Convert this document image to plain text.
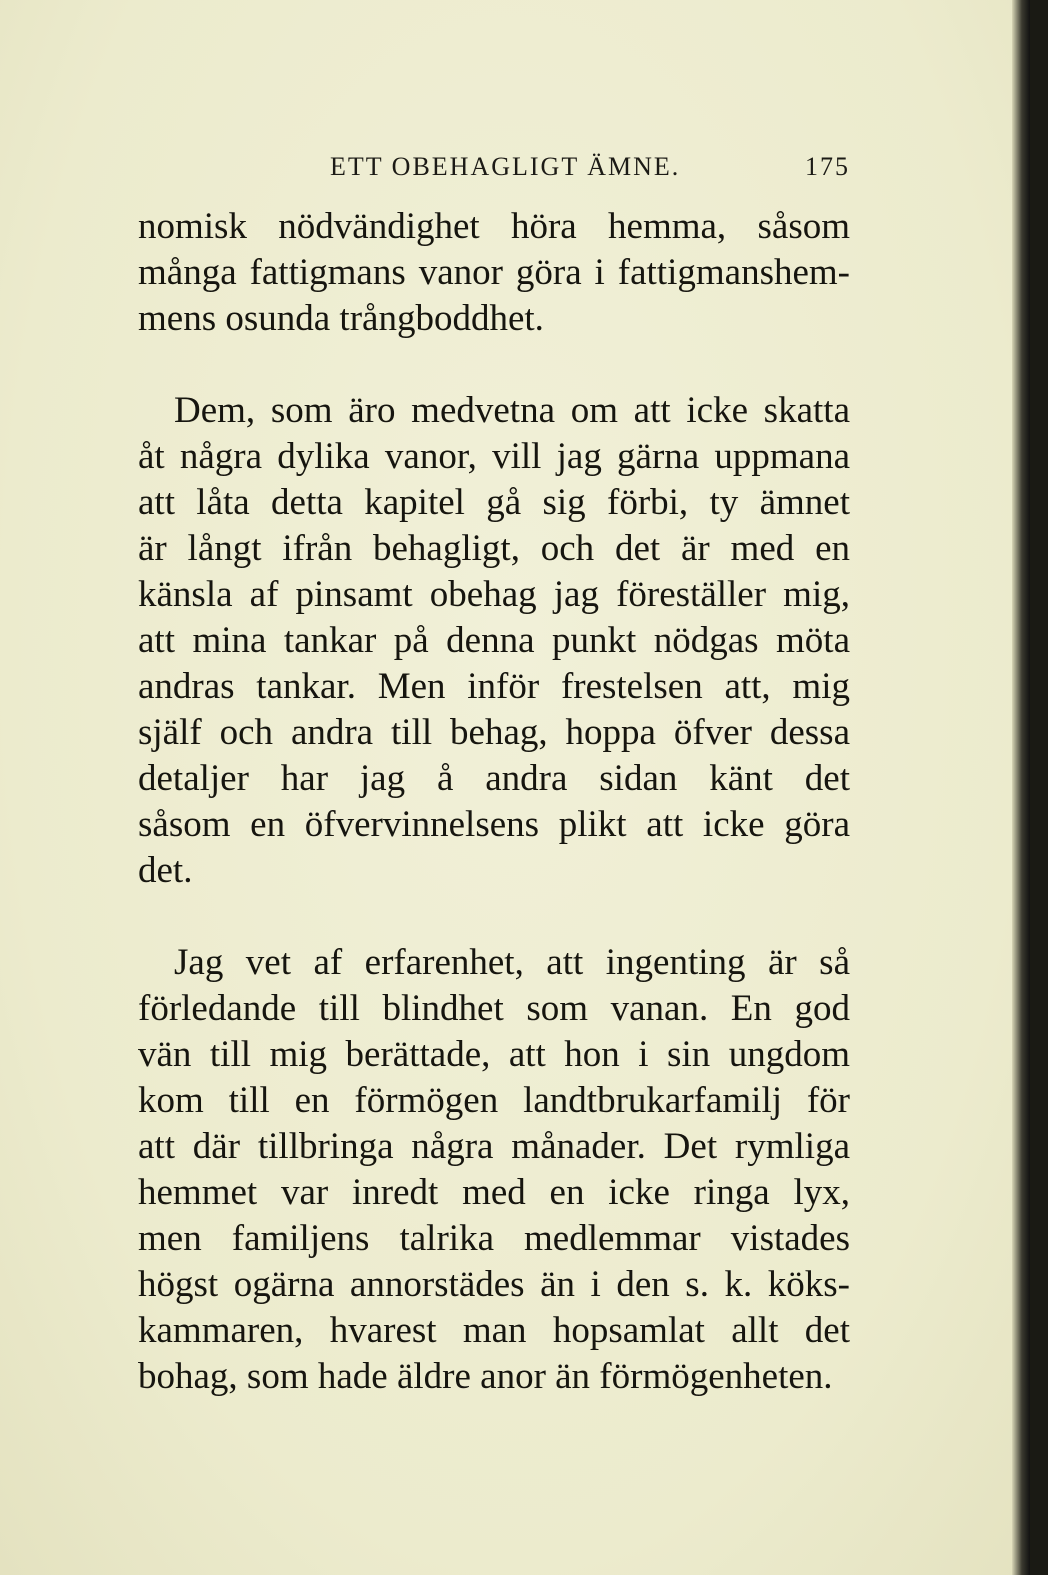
ETT OBEHAGLIGT ÄMNE.	175
nomisk nödvändighet höra hemma, såsom
många fattigmans vanor göra i fattigmanshem-
mens osunda trångboddhet.
Dem, som äro medvetna om att icke skatta
åt några dylika vanor, vill jag gärna uppmana
att låta detta kapitel gå sig förbi, ty ämnet
är långt ifrån behagligt, och det är med en
känsla af pinsamt obehag jag föreställer mig,
att mina tankar på denna punkt nödgas möta
andras tankar. Men inför frestelsen att, mig
själf och andra till behag, hoppa öfver dessa
detaljer har jag å andra sidan känt det
såsom en öfvervinnelsens plikt att icke göra
det.
Jag vet af erfarenhet, att ingenting är så
förledande till blindhet som vanan. En god
vän till mig berättade, att hon i sin ungdom
kom till en förmögen landtbrukarfamilj för
att där tillbringa några månader. Det rymliga
hemmet var inredt med en icke ringa lyx,
men familjens talrika medlemmar vistades
högst ogärna annorstädes än i den s. k. köks-
kammaren, hvarest man hopsamlat allt det
bohag, som hade äldre anor än förmögenheten.
